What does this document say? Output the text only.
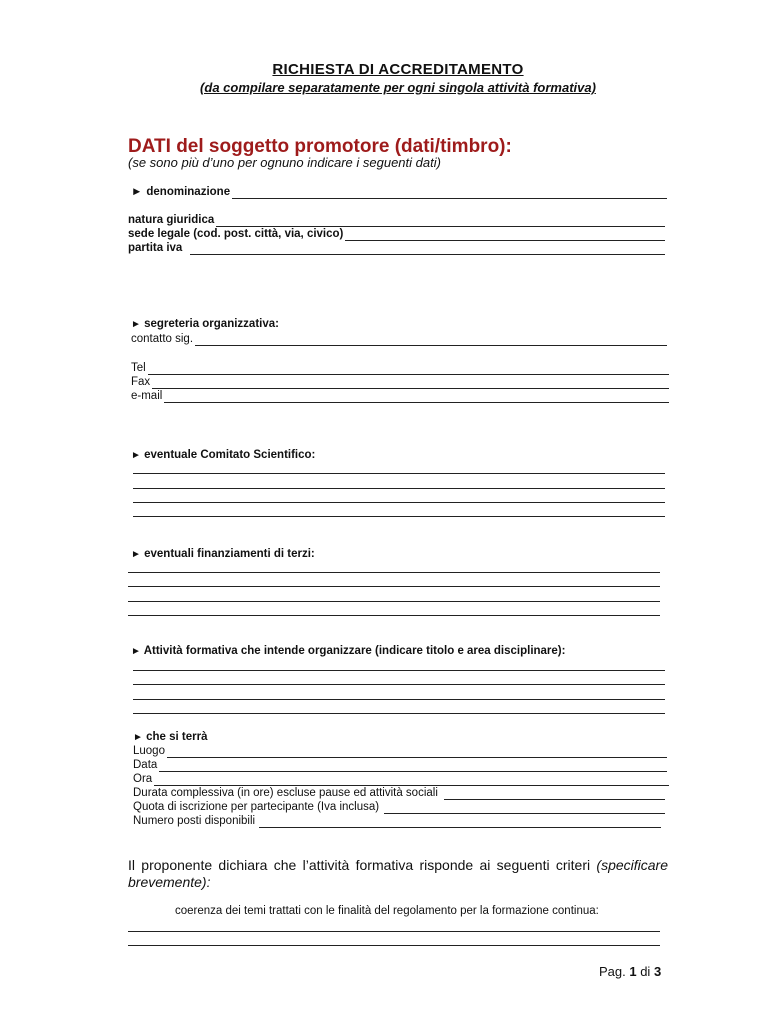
RICHIESTA DI ACCREDITAMENTO
(da compilare separatamente per ogni singola attività formativa)
DATI del soggetto promotore (dati/timbro):
(se sono più d’uno per ognuno indicare i seguenti dati)
► denominazione
natura giuridica
sede legale (cod. post. città, via, civico)
partita iva
► segreteria organizzativa:
contatto sig.
Tel
Fax
e-mail
► eventuale Comitato Scientifico:
► eventuali finanziamenti di terzi:
► Attività formativa che intende organizzare (indicare titolo e area disciplinare):
► che si terrà
Luogo
Data
Ora
Durata complessiva (in ore) escluse pause ed attività sociali
Quota di iscrizione per partecipante (Iva inclusa)
Numero posti disponibili
Il proponente dichiara che l’attività formativa risponde ai seguenti criteri (specificare brevemente):
coerenza dei temi trattati con le finalità del regolamento per la formazione continua:
Pag. 1 di 3
